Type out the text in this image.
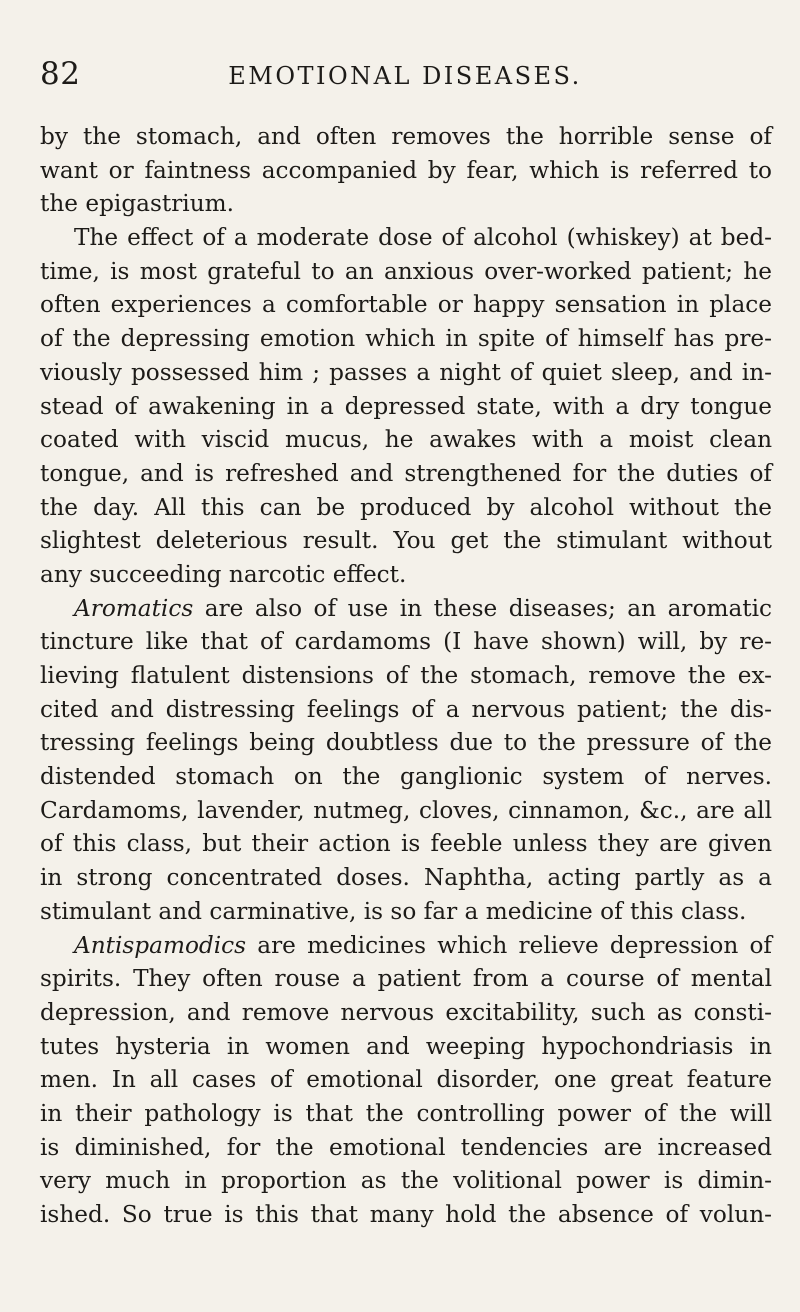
82	EMOTIONAL DISEASES.
by the stomach, and often removes the horrible sense of
want or faintness accompanied by fear, which is referred to
the epigastrium.
The effect of a moderate dose of alcohol (whiskey) at bed-
time, is most grateful to an anxious over-worked patient; he
often experiences a comfortable or happy sensation in place
of the depressing emotion which in spite of himself has pre-
viously possessed him ; passes a night of quiet sleep, and in-
stead of awakening in a depressed state, with a dry tongue
coated with viscid mucus, he awakes with a moist clean
tongue, and is refreshed and strengthened for the duties of
the day. All this can be produced by alcohol without the
slightest deleterious result. You get the stimulant without
any succeeding narcotic effect.
Aromatics are also of use in these diseases; an aromatic
tincture like that of cardamoms (I have shown) will, by re-
lieving flatulent distensions of the stomach, remove the ex-
cited and distressing feelings of a nervous patient; the dis-
tressing feelings being doubtless due to the pressure of the
distended stomach on the ganglionic system of nerves.
Cardamoms, lavender, nutmeg, cloves, cinnamon, &c., are all
of this class, but their action is feeble unless they are given
in strong concentrated doses. Naphtha, acting partly as a
stimulant and carminative, is so far a medicine of this class.
Antispamodics are medicines which relieve depression of
spirits. They often rouse a patient from a course of mental
depression, and remove nervous excitability, such as consti-
tutes hysteria in women and weeping hypochondriasis in
men. In all cases of emotional disorder, one great feature
in their pathology is that the controlling power of the will
is diminished, for the emotional tendencies are increased
very much in proportion as the volitional power is dimin-
ished. So true is this that many hold the absence of volun-
